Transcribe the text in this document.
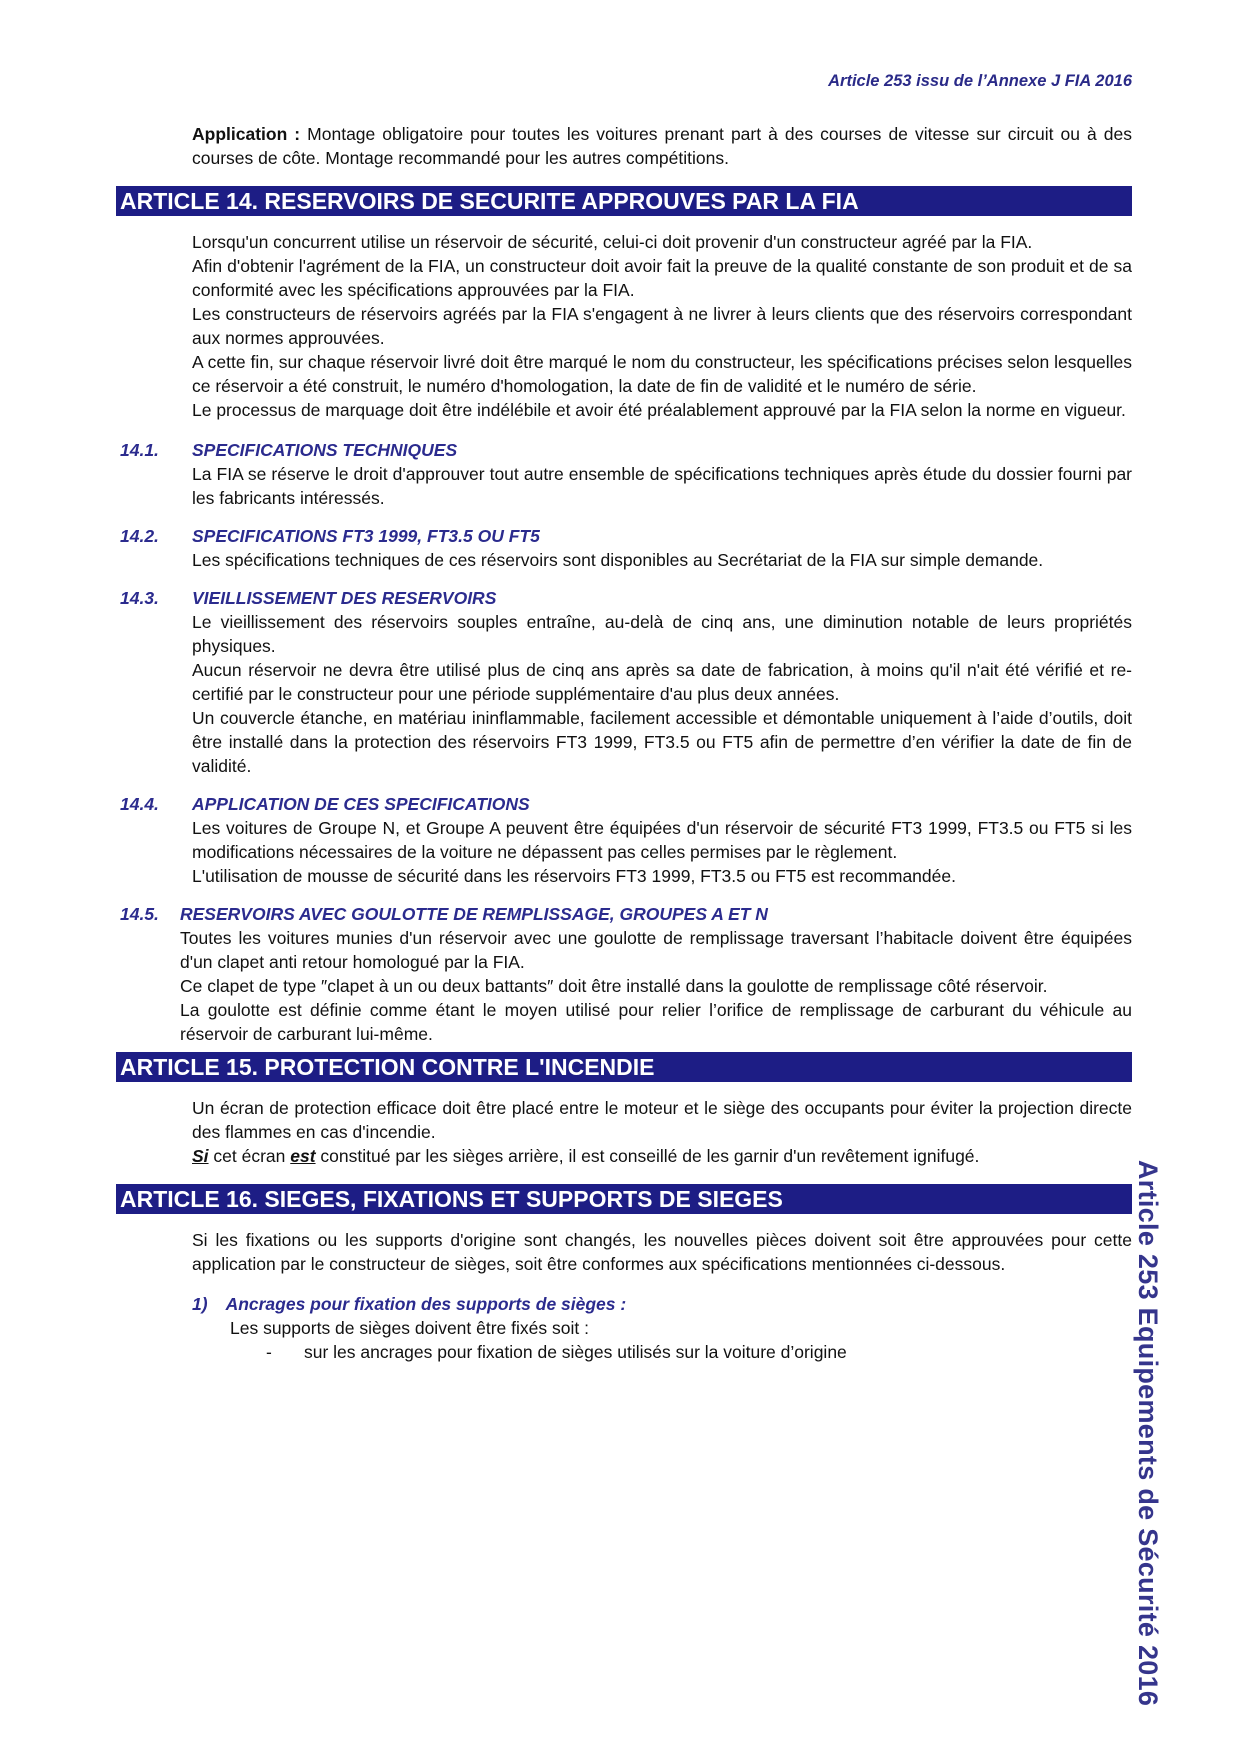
Article 253 issu de l’Annexe J FIA 2016
Article 253 Equipements de Sécurité 2016

Application : Montage obligatoire pour toutes les voitures prenant part à des courses de vitesse sur circuit ou à des courses de côte. Montage recommandé pour les autres compétitions.

ARTICLE 14. RESERVOIRS DE SECURITE APPROUVES PAR LA FIA

Lorsqu'un concurrent utilise un réservoir de sécurité, celui-ci doit provenir d'un constructeur agréé par la FIA.

Afin d'obtenir l'agrément de la FIA, un constructeur doit avoir fait la preuve de la qualité constante de son produit et de sa conformité avec les spécifications approuvées par la FIA.

Les constructeurs de réservoirs agréés par la FIA s'engagent à ne livrer à leurs clients que des réservoirs correspondant aux normes approuvées.

A cette fin, sur chaque réservoir livré doit être marqué le nom du constructeur, les spécifications précises selon lesquelles ce réservoir a été construit, le numéro d'homologation, la date de fin de validité et le numéro de série.

Le processus de marquage doit être indélébile et avoir été préalablement approuvé par la FIA selon la norme en vigueur.

14.1. SPECIFICATIONS TECHNIQUES

La FIA se réserve le droit d'approuver tout autre ensemble de spécifications techniques après étude du dossier fourni par les fabricants intéressés.

14.2. SPECIFICATIONS FT3 1999, FT3.5 OU FT5

Les spécifications techniques de ces réservoirs sont disponibles au Secrétariat de la FIA sur simple demande.

14.3. VIEILLISSEMENT DES RESERVOIRS

Le vieillissement des réservoirs souples entraîne, au-delà de cinq ans, une diminution notable de leurs propriétés physiques.

Aucun réservoir ne devra être utilisé plus de cinq ans après sa date de fabrication, à moins qu'il n'ait été vérifié et re-certifié par le constructeur pour une période supplémentaire d'au plus deux années.

Un couvercle étanche, en matériau ininflammable, facilement accessible et démontable uniquement à l’aide d’outils, doit être installé dans la protection des réservoirs FT3 1999, FT3.5 ou FT5 afin de permettre d’en vérifier la date de fin de validité.

14.4. APPLICATION DE CES SPECIFICATIONS

Les voitures de Groupe N, et Groupe A peuvent être équipées d'un réservoir de sécurité FT3 1999, FT3.5 ou FT5 si les modifications nécessaires de la voiture ne dépassent pas celles permises par le règlement.

L'utilisation de mousse de sécurité dans les réservoirs FT3 1999, FT3.5 ou FT5 est recommandée.

14.5. RESERVOIRS AVEC GOULOTTE DE REMPLISSAGE, GROUPES A ET N

Toutes les voitures munies d'un réservoir avec une goulotte de remplissage traversant l’habitacle doivent être équipées d'un clapet anti retour homologué par la FIA.

Ce clapet de type ″clapet à un ou deux battants″ doit être installé dans la goulotte de remplissage côté réservoir.

La goulotte est définie comme étant le moyen utilisé pour relier l’orifice de remplissage de carburant du véhicule au réservoir de carburant lui-même.

ARTICLE 15. PROTECTION CONTRE L'INCENDIE

Un écran de protection efficace doit être placé entre le moteur et le siège des occupants pour éviter la projection directe des flammes en cas d'incendie.

Si cet écran est constitué par les sièges arrière, il est conseillé de les garnir d'un revêtement ignifugé.

ARTICLE 16. SIEGES, FIXATIONS ET SUPPORTS DE SIEGES

Si les fixations ou les supports d'origine sont changés, les nouvelles pièces doivent soit être approuvées pour cette application par le constructeur de sièges, soit être conformes aux spécifications mentionnées ci-dessous.

1) Ancrages pour fixation des supports de sièges :

Les supports de sièges doivent être fixés soit :

- sur les ancrages pour fixation de sièges utilisés sur la voiture d’origine
